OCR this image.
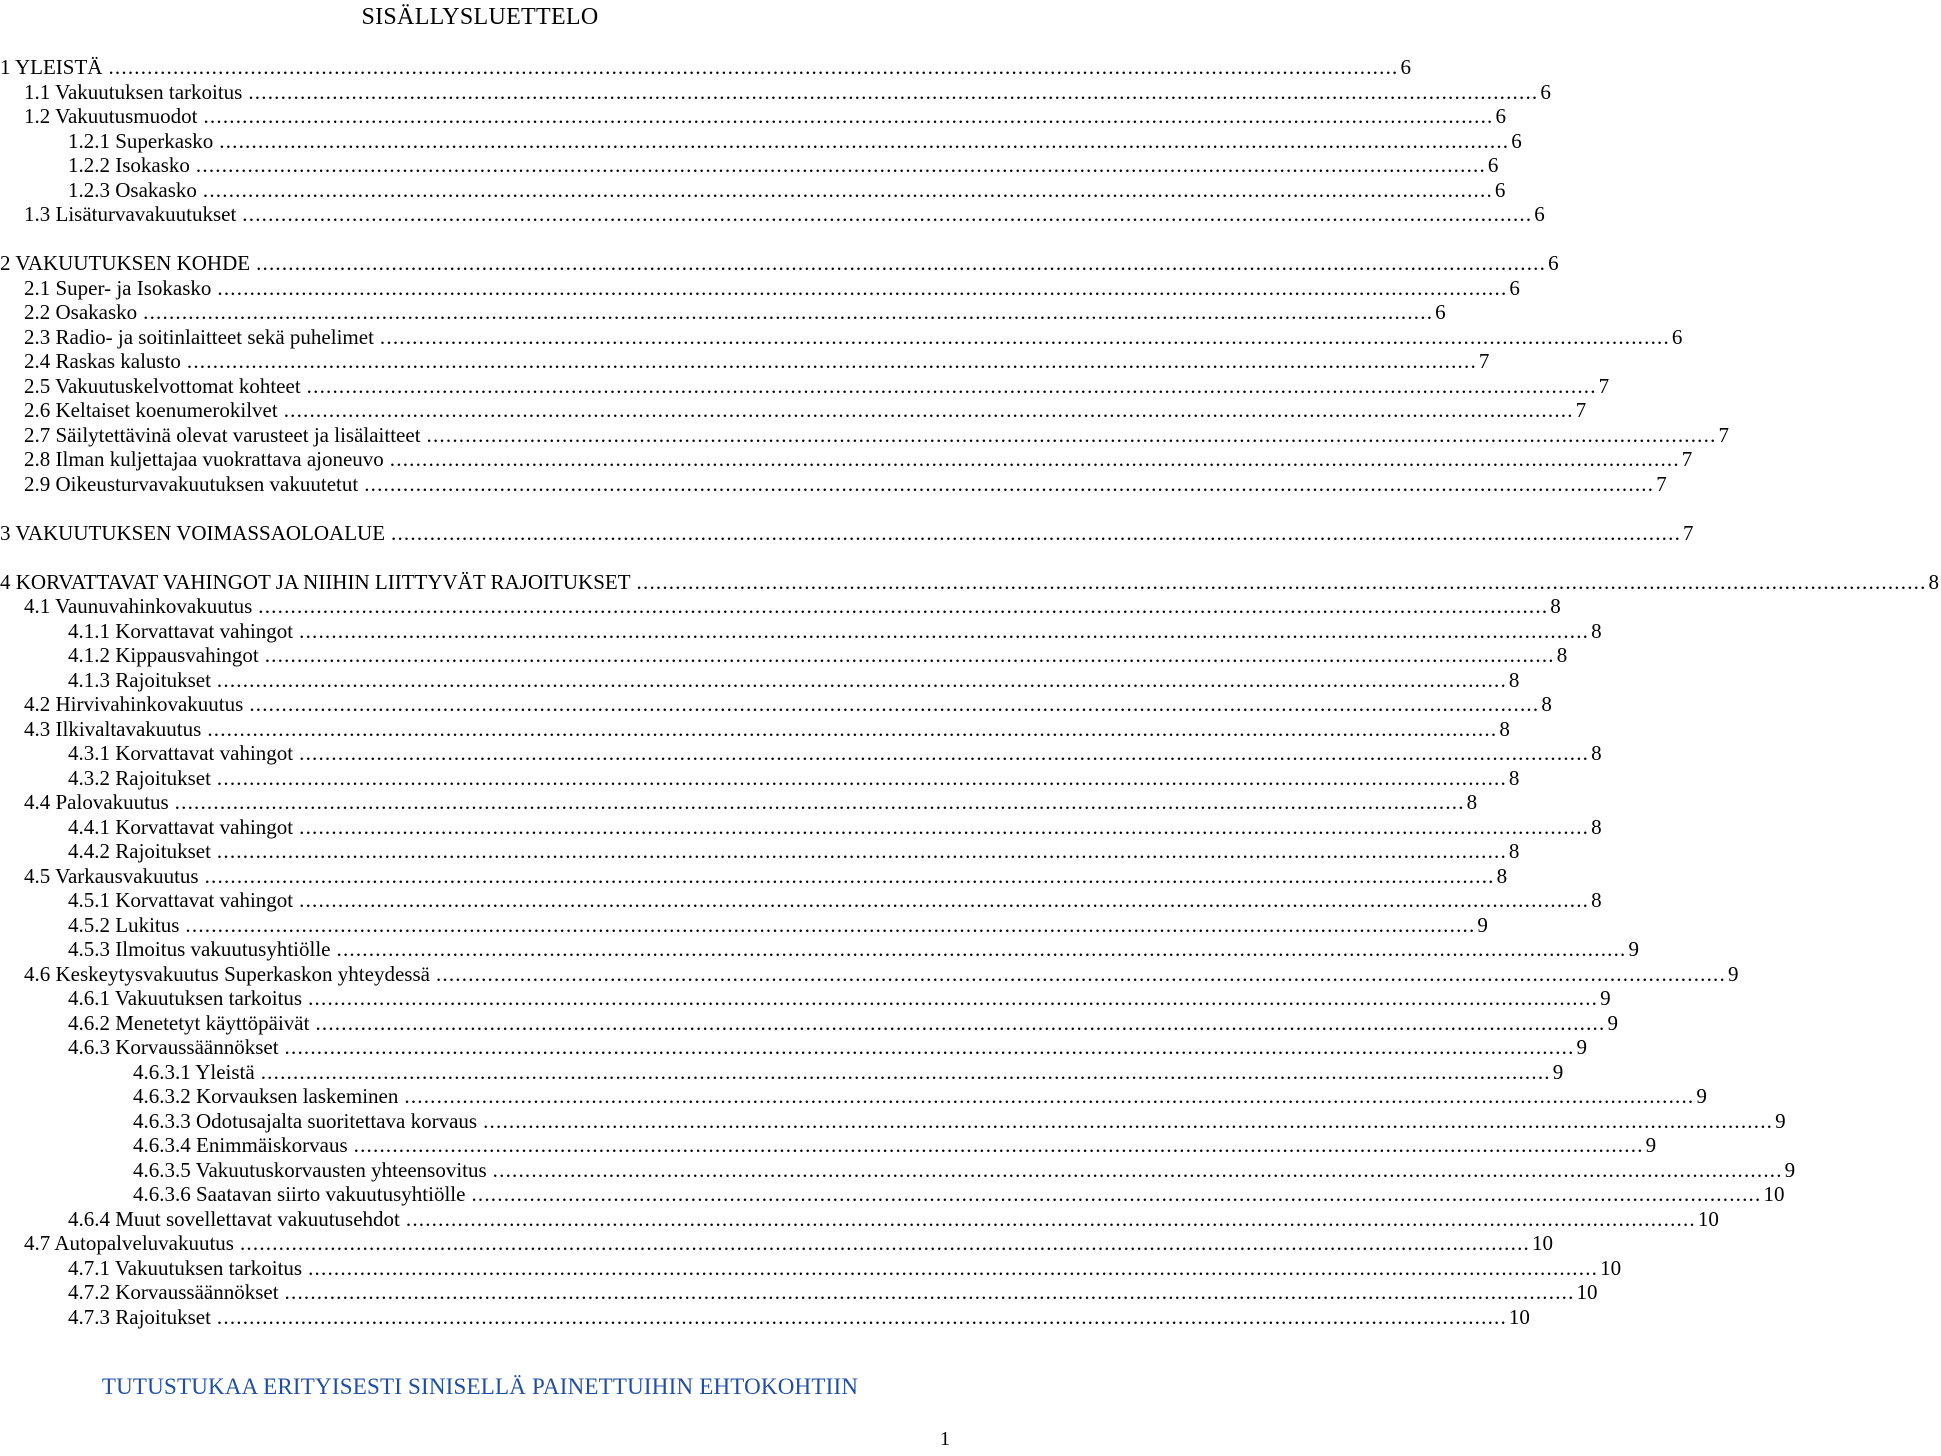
SISÄLLYSLUETTELO
1 YLEISTÄ ........................................................................................................................................................................................................ 6
1.1 Vakuutuksen tarkoitus ........................................................................................................................................................................................................ 6
1.2 Vakuutusmuodot ........................................................................................................................................................................................................ 6
1.2.1 Superkasko ........................................................................................................................................................................................................ 6
1.2.2 Isokasko ........................................................................................................................................................................................................ 6
1.2.3 Osakasko ........................................................................................................................................................................................................ 6
1.3 Lisäturvavakuutukset ........................................................................................................................................................................................................ 6
2 VAKUUTUKSEN KOHDE ........................................................................................................................................................................................................ 6
2.1 Super- ja Isokasko ........................................................................................................................................................................................................ 6
2.2 Osakasko ........................................................................................................................................................................................................ 6
2.3 Radio- ja soitinlaitteet sekä puhelimet ........................................................................................................................................................................................................ 6
2.4 Raskas kalusto ........................................................................................................................................................................................................ 7
2.5 Vakuutuskelvottomat kohteet ........................................................................................................................................................................................................ 7
2.6 Keltaiset koenumerokilvet ........................................................................................................................................................................................................ 7
2.7 Säilytettävinä olevat varusteet ja lisälaitteet ........................................................................................................................................................................................................ 7
2.8 Ilman kuljettajaa vuokrattava ajoneuvo ........................................................................................................................................................................................................ 7
2.9 Oikeusturvavakuutuksen vakuutetut ........................................................................................................................................................................................................ 7
3 VAKUUTUKSEN VOIMASSAOLOALUE ........................................................................................................................................................................................................ 7
4 KORVATTAVAT VAHINGOT JA NIIHIN LIITTYVÄT RAJOITUKSET ........................................................................................................................................................................................................ 8
4.1 Vaunuvahinkovakuutus ........................................................................................................................................................................................................ 8
4.1.1 Korvattavat vahingot ........................................................................................................................................................................................................ 8
4.1.2 Kippausvahingot ........................................................................................................................................................................................................ 8
4.1.3 Rajoitukset ........................................................................................................................................................................................................ 8
4.2 Hirvivahinkovakuutus ........................................................................................................................................................................................................ 8
4.3 Ilkivaltavakuutus ........................................................................................................................................................................................................ 8
4.3.1 Korvattavat vahingot ........................................................................................................................................................................................................ 8
4.3.2 Rajoitukset ........................................................................................................................................................................................................ 8
4.4 Palovakuutus ........................................................................................................................................................................................................ 8
4.4.1 Korvattavat vahingot ........................................................................................................................................................................................................ 8
4.4.2 Rajoitukset ........................................................................................................................................................................................................ 8
4.5 Varkausvakuutus ........................................................................................................................................................................................................ 8
4.5.1 Korvattavat vahingot ........................................................................................................................................................................................................ 8
4.5.2 Lukitus ........................................................................................................................................................................................................ 9
4.5.3 Ilmoitus vakuutusyhtiölle ........................................................................................................................................................................................................ 9
4.6 Keskeytysvakuutus Superkaskon yhteydessä ........................................................................................................................................................................................................ 9
4.6.1 Vakuutuksen tarkoitus ........................................................................................................................................................................................................ 9
4.6.2 Menetetyt käyttöpäivät ........................................................................................................................................................................................................ 9
4.6.3 Korvaussäännökset ........................................................................................................................................................................................................ 9
4.6.3.1 Yleistä ........................................................................................................................................................................................................ 9
4.6.3.2 Korvauksen laskeminen ........................................................................................................................................................................................................ 9
4.6.3.3 Odotusajalta suoritettava korvaus ........................................................................................................................................................................................................ 9
4.6.3.4 Enimmäiskorvaus ........................................................................................................................................................................................................ 9
4.6.3.5 Vakuutuskorvausten yhteensovitus ........................................................................................................................................................................................................ 9
4.6.3.6 Saatavan siirto vakuutusyhtiölle ........................................................................................................................................................................................................ 10
4.6.4 Muut sovellettavat vakuutusehdot ........................................................................................................................................................................................................ 10
4.7 Autopalveluvakuutus ........................................................................................................................................................................................................ 10
4.7.1 Vakuutuksen tarkoitus ........................................................................................................................................................................................................ 10
4.7.2 Korvaussäännökset ........................................................................................................................................................................................................ 10
4.7.3 Rajoitukset ........................................................................................................................................................................................................ 10
TUTUSTUKAA ERITYISESTI SINISELLÄ PAINETTUIHIN EHTOKOHTIIN
1
